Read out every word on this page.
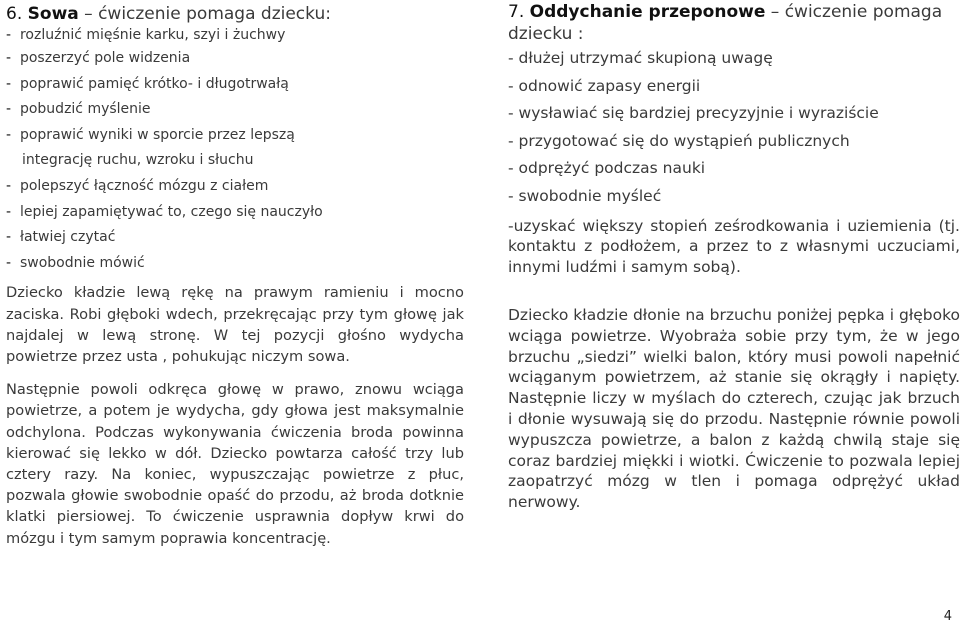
6. Sowa – ćwiczenie pomaga dziecku:

- rozluźnić mięśnie karku, szyi i żuchwy

- poszerzyć pole widzenia

- poprawić pamięć krótko- i długotrwałą

- pobudzić myślenie

- poprawić wyniki w sporcie przez lepszą

integrację ruchu, wzroku i słuchu

- polepszyć łączność mózgu z ciałem

- lepiej zapamiętywać to, czego się nauczyło

- łatwiej czytać

- swobodnie mówić

Dziecko kładzie lewą rękę na prawym ramieniu i mocno zaciska. Robi głęboki wdech, przekręcając przy tym głowę jak najdalej w lewą stronę. W tej pozycji głośno wydycha powietrze przez usta , pohukując niczym sowa.

Następnie powoli odkręca głowę w prawo, znowu wciąga powietrze, a potem je wydycha, gdy głowa jest maksymalnie odchylona. Podczas wykonywania ćwiczenia broda powinna kierować się lekko w dół. Dziecko powtarza całość trzy lub cztery razy. Na koniec, wypuszczając powietrze z płuc, pozwala głowie swobodnie opaść do przodu, aż broda dotknie klatki piersiowej. To ćwiczenie usprawnia dopływ krwi do mózgu i tym samym poprawia koncentrację.

7. Oddychanie przeponowe – ćwiczenie pomaga

dziecku :

- dłużej utrzymać skupioną uwagę

- odnowić zapasy energii

- wysławiać się bardziej precyzyjnie i wyraziście

- przygotować się do wystąpień publicznych

- odprężyć podczas nauki

- swobodnie myśleć

-uzyskać większy stopień ześrodkowania i uziemienia (tj. kontaktu z podłożem, a przez to z własnymi uczuciami, innymi ludźmi i samym sobą).

Dziecko kładzie dłonie na brzuchu poniżej pępka i głęboko wciąga powietrze. Wyobraża sobie przy tym, że w jego brzuchu „siedzi” wielki balon, który musi powoli napełnić wciąganym powietrzem, aż stanie się okrągły i napięty. Następnie liczy w myślach do czterech, czując jak brzuch i dłonie wysuwają się do przodu. Następnie równie powoli wypuszcza powietrze, a balon z każdą chwilą staje się coraz bardziej miękki i wiotki. Ćwiczenie to pozwala lepiej zaopatrzyć mózg w tlen i pomaga odprężyć układ nerwowy.

4
